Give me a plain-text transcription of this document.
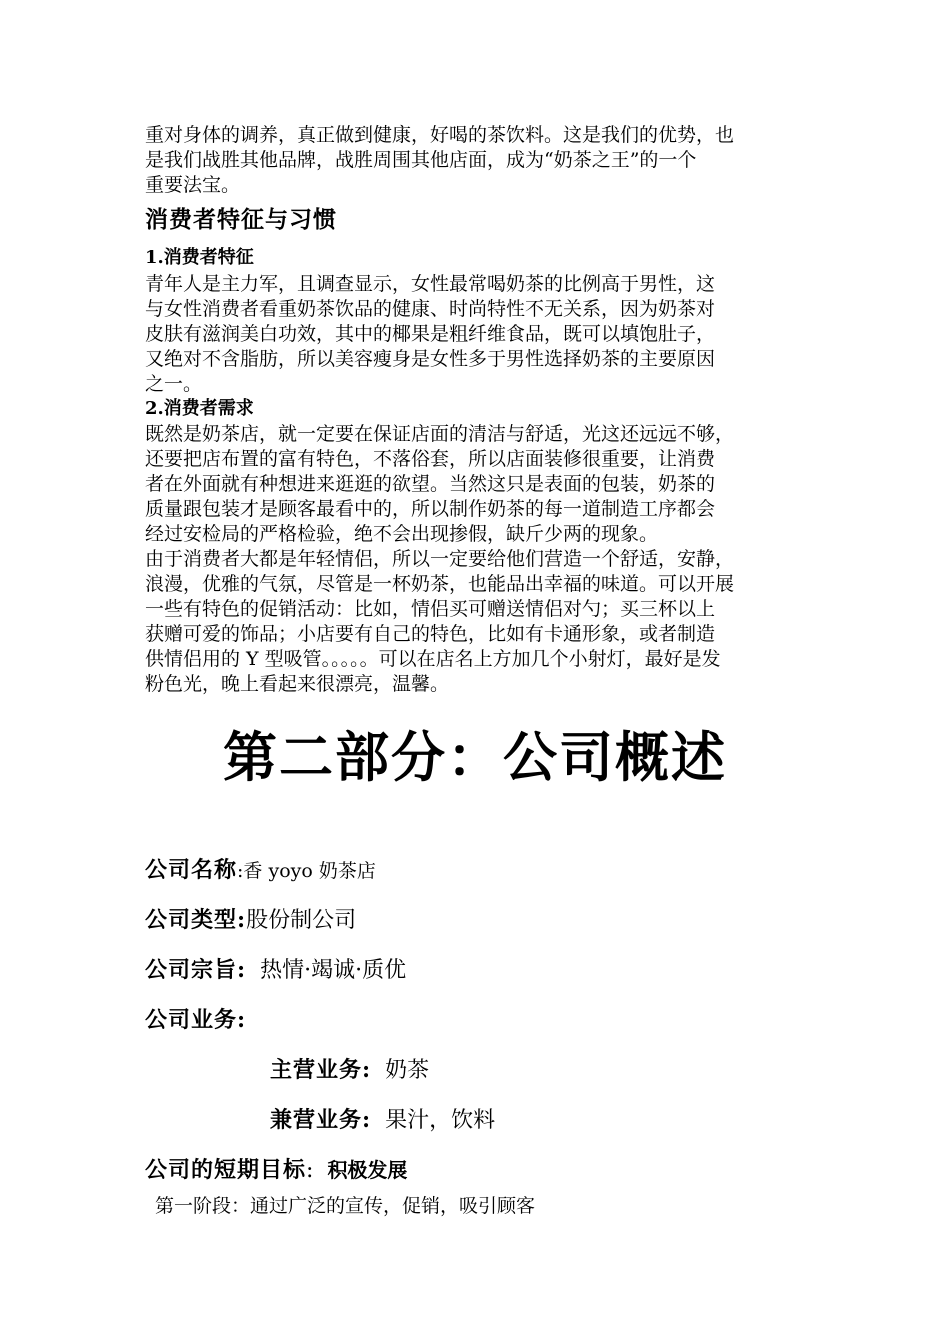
重对身体的调养，真正做到健康，好喝的茶饮料。这是我们的优势，也
是我们战胜其他品牌，战胜周围其他店面，成为“奶茶之王”的一个
重要法宝。
消费者特征与习惯
1.消费者特征
青年人是主力军，且调查显示，女性最常喝奶茶的比例高于男性，这
与女性消费者看重奶茶饮品的健康、时尚特性不无关系，因为奶茶对
皮肤有滋润美白功效，其中的椰果是粗纤维食品，既可以填饱肚子，
又绝对不含脂肪，所以美容瘦身是女性多于男性选择奶茶的主要原因
之一。
2.消费者需求
既然是奶茶店，就一定要在保证店面的清洁与舒适，光这还远远不够，
还要把店布置的富有特色，不落俗套，所以店面装修很重要，让消费
者在外面就有种想进来逛逛的欲望。当然这只是表面的包装，奶茶的
质量跟包装才是顾客最看中的，所以制作奶茶的每一道制造工序都会
经过安检局的严格检验，绝不会出现掺假，缺斤少两的现象。
由于消费者大都是年轻情侣，所以一定要给他们营造一个舒适，安静，
浪漫，优雅的气氛，尽管是一杯奶茶，也能品出幸福的味道。可以开展
一些有特色的促销活动：比如，情侣买可赠送情侣对勺；买三杯以上
获赠可爱的饰品；小店要有自己的特色，比如有卡通形象，或者制造
供情侣用的 Y 型吸管。。。。。可以在店名上方加几个小射灯，最好是发
粉色光，晚上看起来很漂亮，温馨。
第二部分：公司概述
公司名称:香 yoyo 奶茶店
公司类型:股份制公司
公司宗旨: 热情·竭诚·质优
公司业务:
主营业务: 奶茶
兼营业务: 果汁，饮料
公司的短期目标: 积极发展
第一阶段：通过广泛的宣传，促销，吸引顾客
